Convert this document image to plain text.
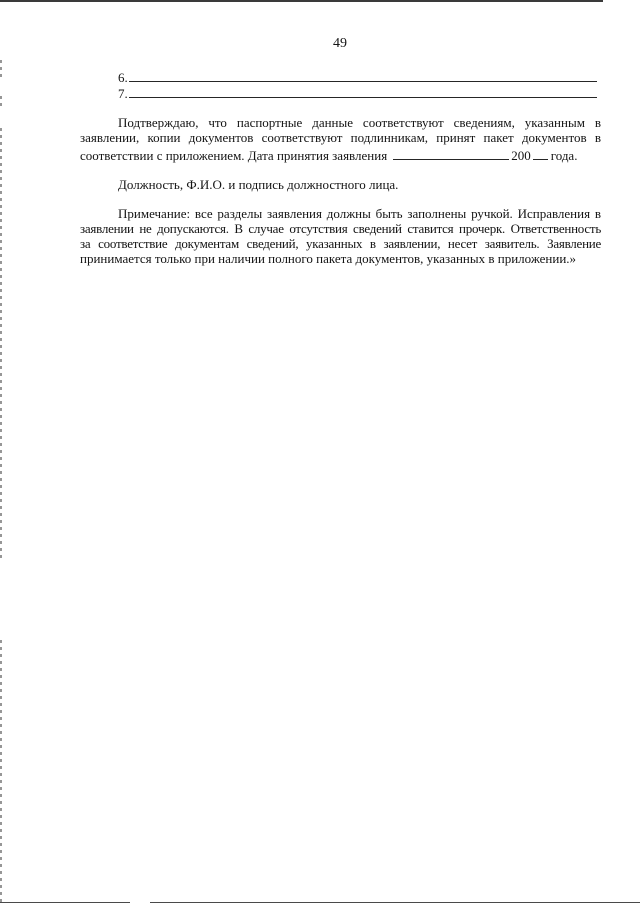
49
6.
7.
Подтверждаю, что паспортные данные соответствуют сведениям, указанным в
заявлении, копии документов соответствуют подлинникам, принят пакет документов в
соответствии с приложением. Дата принятия заявления	200 года.
Должность, Ф.И.О. и подпись должностного лица.
Примечание: все разделы заявления должны быть заполнены ручкой. Исправления в
заявлении не допускаются. В случае отсутствия сведений ставится прочерк. Ответственность
за соответствие документам сведений, указанных в заявлении, несет заявитель. Заявление
принимается только при наличии полного пакета документов, указанных в приложении.»
